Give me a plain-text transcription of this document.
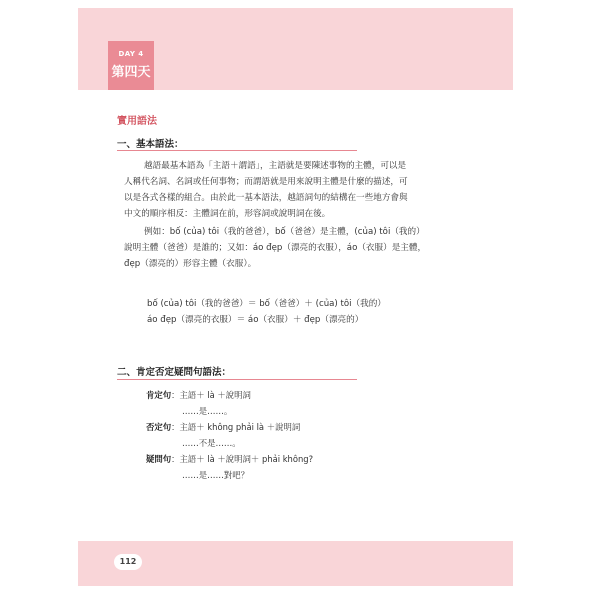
DAY 4
第四天
實用語法
一、基本語法：
越語最基本語為「主語＋謂語」，主語就是要陳述事物的主體，可以是
人稱代名詞、名詞或任何事物；而謂語就是用來說明主體是什麼的描述，可
以是各式各樣的組合。由於此一基本語法，越語詞句的結構在一些地方會與
中文的順序相反：主體詞在前，形容詞或說明詞在後。
例如：bố (của) tôi（我的爸爸），bố（爸爸）是主體，(của) tôi（我的）
說明主體（爸爸）是誰的；又如：áo đẹp（漂亮的衣服），áo（衣服）是主體，
đẹp（漂亮的）形容主體（衣服）。
bố (của) tôi（我的爸爸）＝ bố（爸爸）＋ (của) tôi（我的）
áo đẹp（漂亮的衣服）＝ áo（衣服）＋ đẹp（漂亮的）
二、肯定否定疑問句語法：
肯定句：主語＋ là ＋說明詞
……是……。
否定句：主語＋ không phải là ＋說明詞
……不是……。
疑問句：主語＋ là ＋說明詞＋ phải không?
……是……對吧？
112
